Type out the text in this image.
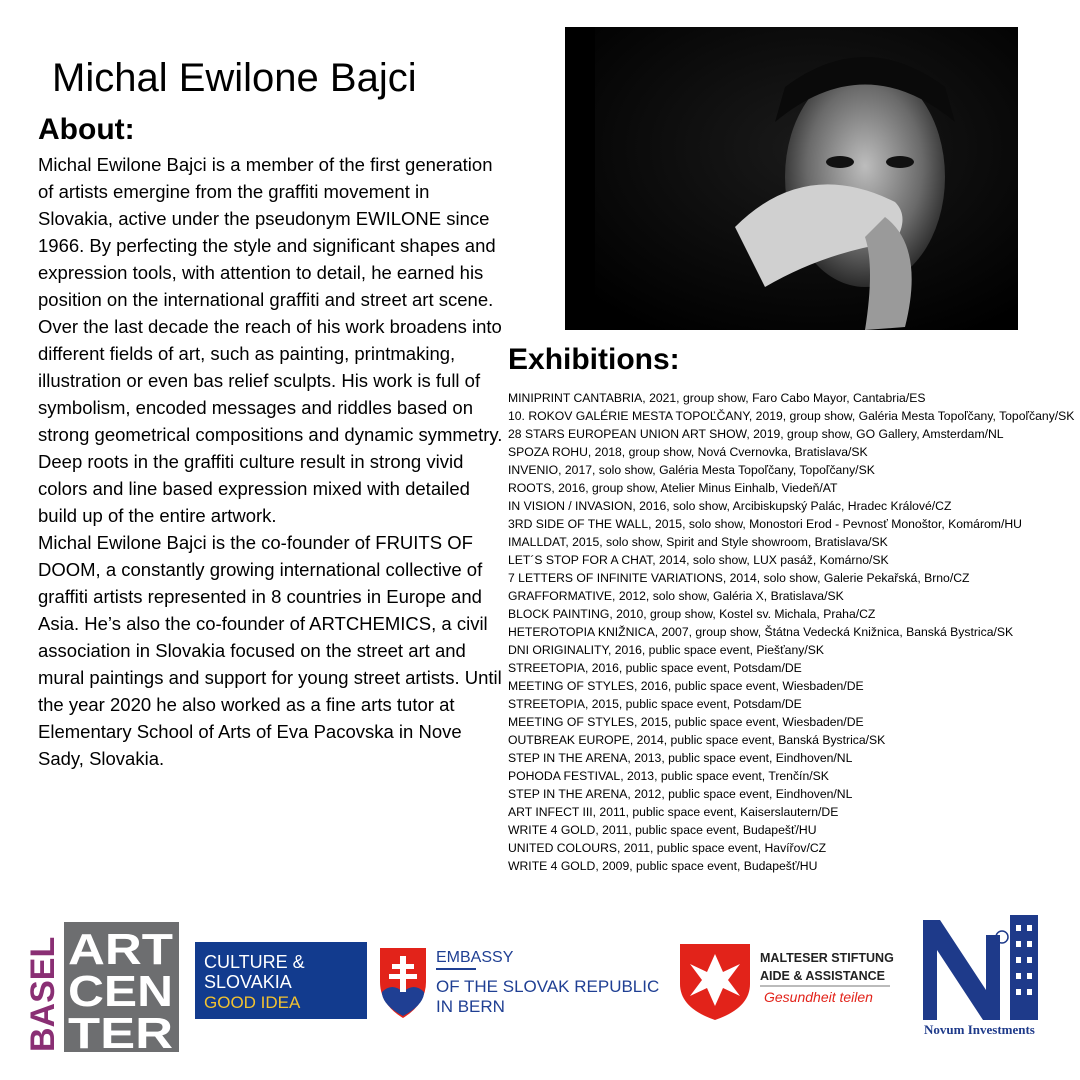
Michal Ewilone Bajci
About:

Michal Ewilone Bajci is a member of the first generation of artists emergine from the graffiti movement in Slovakia, active under the pseudonym EWILONE since 1966. By perfecting the style and significant shapes and expression tools, with attention to detail, he earned his position on the international graffiti and street art scene.

Over the last decade the reach of his work broadens into different fields of art, such as painting, printmaking, illustration or even bas relief sculpts. His work is full of symbolism, encoded messages and riddles based on strong geometrical compositions and dynamic symmetry. Deep roots in the graffiti culture result in strong vivid colors and line based expression mixed with detailed build up of the entire artwork.

Michal Ewilone Bajci is the co-founder of FRUITS OF DOOM, a constantly growing international collective of graffiti artists represented in 8 countries in Europe and Asia. He’s also the co-founder of ARTCHEMICS, a civil association in Slovakia focused on the street art and mural paintings and support for young street artists. Until the year 2020 he also worked as a fine arts tutor at Elementary School of Arts of Eva Pacovska in Nove Sady, Slovakia.

Exhibitions:
MINIPRINT CANTABRIA, 2021, group show, Faro Cabo Mayor, Cantabria/ES
10. ROKOV GALÉRIE MESTA TOPOĽČANY, 2019, group show, Galéria Mesta Topoľčany, Topoľčany/SK
28 STARS EUROPEAN UNION ART SHOW, 2019, group show, GO Gallery, Amsterdam/NL
SPOZA ROHU, 2018, group show, Nová Cvernovka, Bratislava/SK
INVENIO, 2017, solo show, Galéria Mesta Topoľčany, Topoľčany/SK
ROOTS, 2016, group show, Atelier Minus Einhalb, Viedeň/AT
IN VISION / INVASION, 2016, solo show, Arcibiskupský Palác, Hradec Králové/CZ
3RD SIDE OF THE WALL, 2015, solo show, Monostori Erod - Pevnosť Monoštor, Komárom/HU
IMALLDAT, 2015, solo show, Spirit and Style showroom, Bratislava/SK
LET´S STOP FOR A CHAT, 2014, solo show, LUX pasáž, Komárno/SK
7 LETTERS OF INFINITE VARIATIONS, 2014, solo show, Galerie Pekařská, Brno/CZ
GRAFFORMATIVE, 2012, solo show, Galéria X, Bratislava/SK
BLOCK PAINTING, 2010, group show, Kostel sv. Michala, Praha/CZ
HETEROTOPIA KNIŽNICA, 2007, group show, Štátna Vedecká Knižnica, Banská Bystrica/SK
DNI ORIGINALITY, 2016, public space event, Piešťany/SK
STREETOPIA, 2016, public space event, Potsdam/DE
MEETING OF STYLES, 2016, public space event, Wiesbaden/DE
STREETOPIA, 2015, public space event, Potsdam/DE
MEETING OF STYLES, 2015, public space event, Wiesbaden/DE
OUTBREAK EUROPE, 2014, public space event, Banská Bystrica/SK
STEP IN THE ARENA, 2013, public space event, Eindhoven/NL
POHODA FESTIVAL, 2013, public space event, Trenčín/SK
STEP IN THE ARENA, 2012, public space event, Eindhoven/NL
ART INFECT III, 2011, public space event, Kaiserslautern/DE
WRITE 4 GOLD, 2011, public space event, Budapešť/HU
UNITED COLOURS, 2011, public space event, Havířov/CZ
WRITE 4 GOLD, 2009, public space event, Budapešť/HU
BASEL ART
CEN
TER
CULTURE &
SLOVAKIA
GOOD IDEA
EMBASSY
OF THE SLOVAK REPUBLIC
IN BERN
MALTESER STIFTUNG
AIDE & ASSISTANCE
Gesundheit teilen
Novum Investments
